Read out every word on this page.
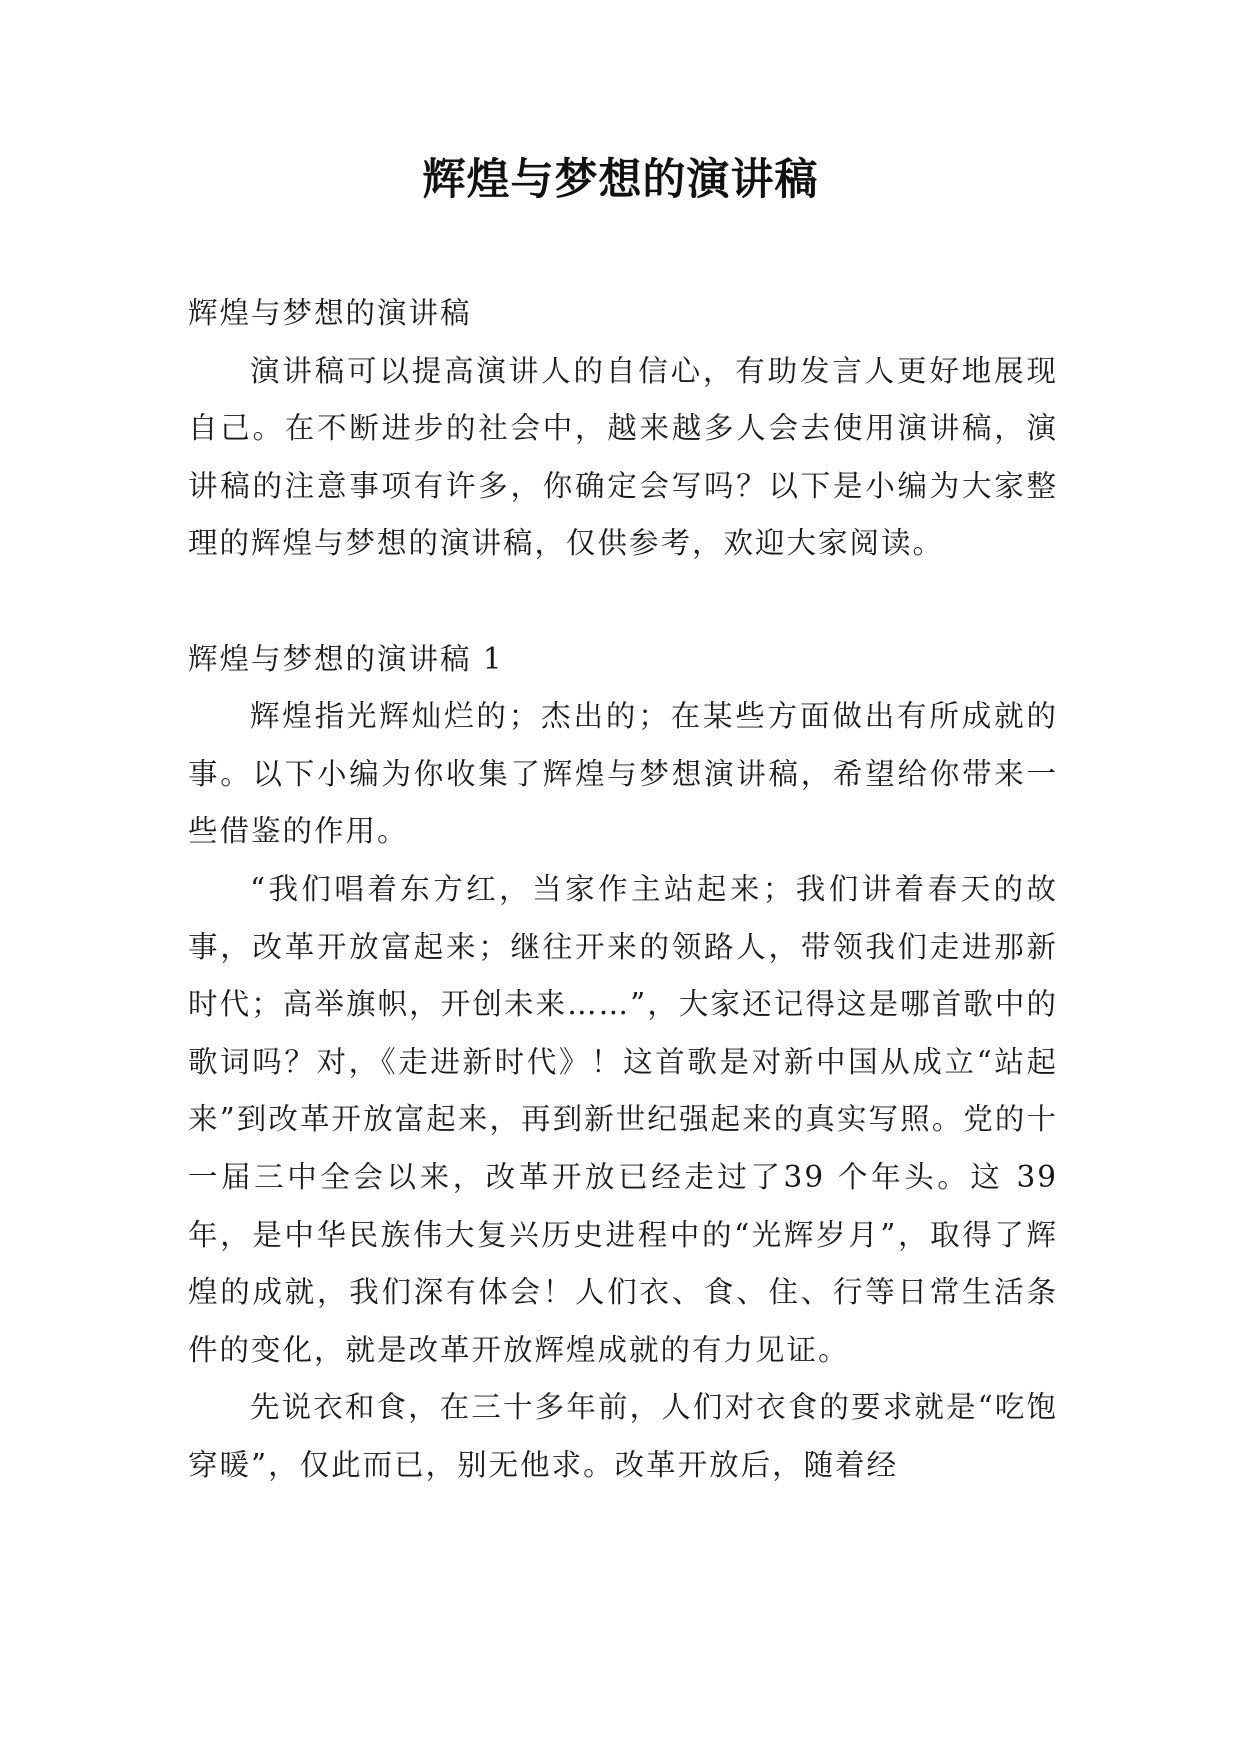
辉煌与梦想的演讲稿

辉煌与梦想的演讲稿

演讲稿可以提高演讲人的自信心，有助发言人更好地展现自己。在不断进步的社会中，越来越多人会去使用演讲稿，演讲稿的注意事项有许多，你确定会写吗？以下是小编为大家整理的辉煌与梦想的演讲稿，仅供参考，欢迎大家阅读。

辉煌与梦想的演讲稿 1

辉煌指光辉灿烂的；杰出的；在某些方面做出有所成就的事。以下小编为你收集了辉煌与梦想演讲稿，希望给你带来一些借鉴的作用。

“我们唱着东方红，当家作主站起来；我们讲着春天的故事，改革开放富起来；继往开来的领路人，带领我们走进那新时代；高举旗帜，开创未来……”，大家还记得这是哪首歌中的歌词吗？对，《走进新时代》！这首歌是对新中国从成立“站起来”到改革开放富起来，再到新世纪强起来的真实写照。党的十一届三中全会以来，改革开放已经走过了39 个年头。这 39 年，是中华民族伟大复兴历史进程中的“光辉岁月”，取得了辉煌的成就，我们深有体会！人们衣、食、住、行等日常生活条件的变化，就是改革开放辉煌成就的有力见证。

先说衣和食，在三十多年前，人们对衣食的要求就是“吃饱穿暖”，仅此而已，别无他求。改革开放后，随着经
